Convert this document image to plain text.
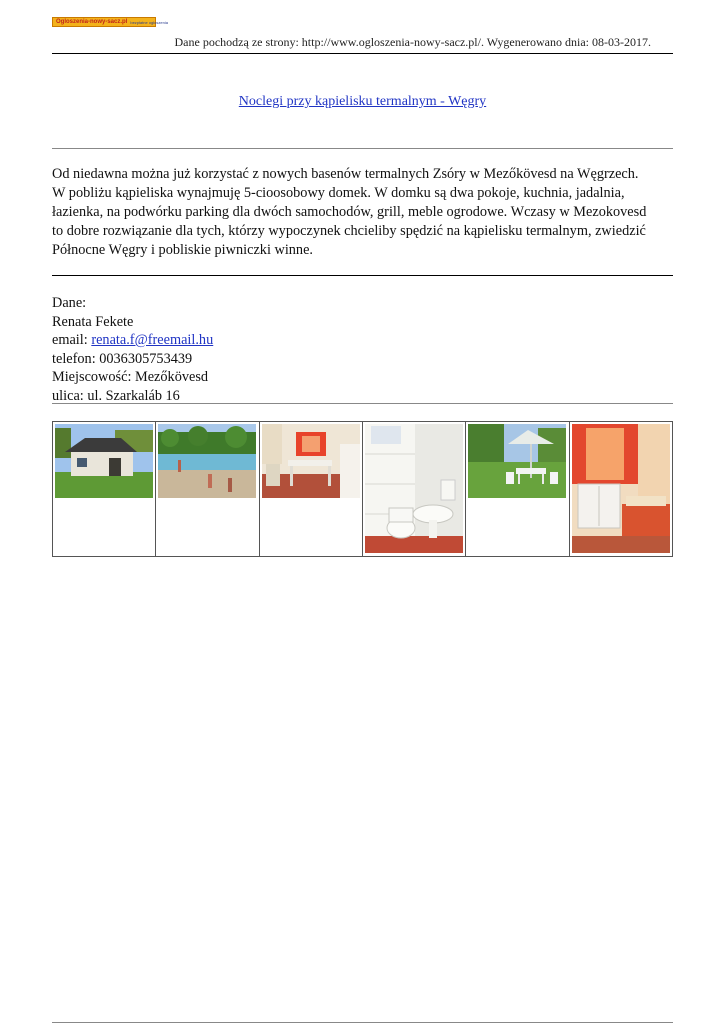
Ogloszenia-nowy-sacz.pl bezpłatne ogłoszenia
Dane pochodzą ze strony: http://www.ogloszenia-nowy-sacz.pl/. Wygenerowano dnia: 08-03-2017.
Noclegi przy kąpielisku termalnym - Węgry
Od niedawna można już korzystać z nowych basenów termalnych Zsóry w Mezőkövesd na Węgrzech.
W pobliżu kąpieliska wynajmuję 5-cioosobowy domek. W domku są dwa pokoje, kuchnia, jadalnia,
łazienka, na podwórku parking dla dwóch samochodów, grill, meble ogrodowe. Wczasy w Mezokovesd
to dobre rozwiązanie dla tych, którzy wypoczynek chcieliby spędzić na kąpielisku termalnym, zwiedzić
Północne Węgry i pobliskie piwniczki winne.
Dane:
Renata Fekete
email: renata.f@freemail.hu
telefon: 0036305753439
Miejscowość: Mezőkövesd
ulica: ul. Szarkaláb 16
